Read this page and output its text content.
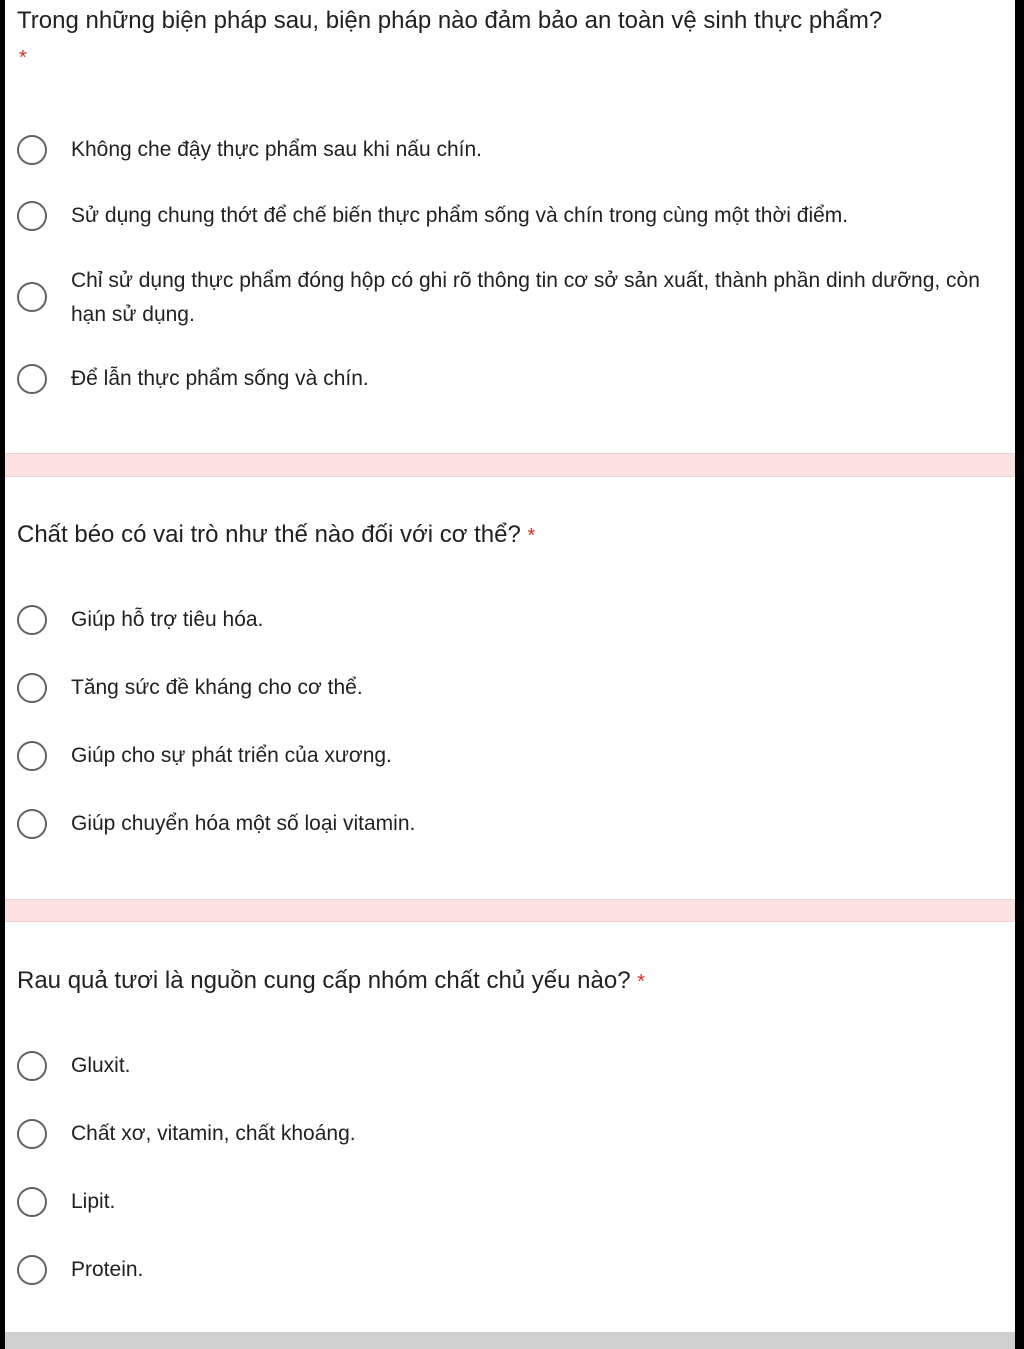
Trong những biện pháp sau, biện pháp nào đảm bảo an toàn vệ sinh thực phẩm?
*
Không che đậy thực phẩm sau khi nấu chín.
Sử dụng chung thớt để chế biến thực phẩm sống và chín trong cùng một thời điểm.
Chỉ sử dụng thực phẩm đóng hộp có ghi rõ thông tin cơ sở sản xuất, thành phần dinh dưỡng, còn hạn sử dụng.
Để lẫn thực phẩm sống và chín.
Chất béo có vai trò như thế nào đối với cơ thể? *
Giúp hỗ trợ tiêu hóa.
Tăng sức đề kháng cho cơ thể.
Giúp cho sự phát triển của xương.
Giúp chuyển hóa một số loại vitamin.
Rau quả tươi là nguồn cung cấp nhóm chất chủ yếu nào? *
Gluxit.
Chất xơ, vitamin, chất khoáng.
Lipit.
Protein.
